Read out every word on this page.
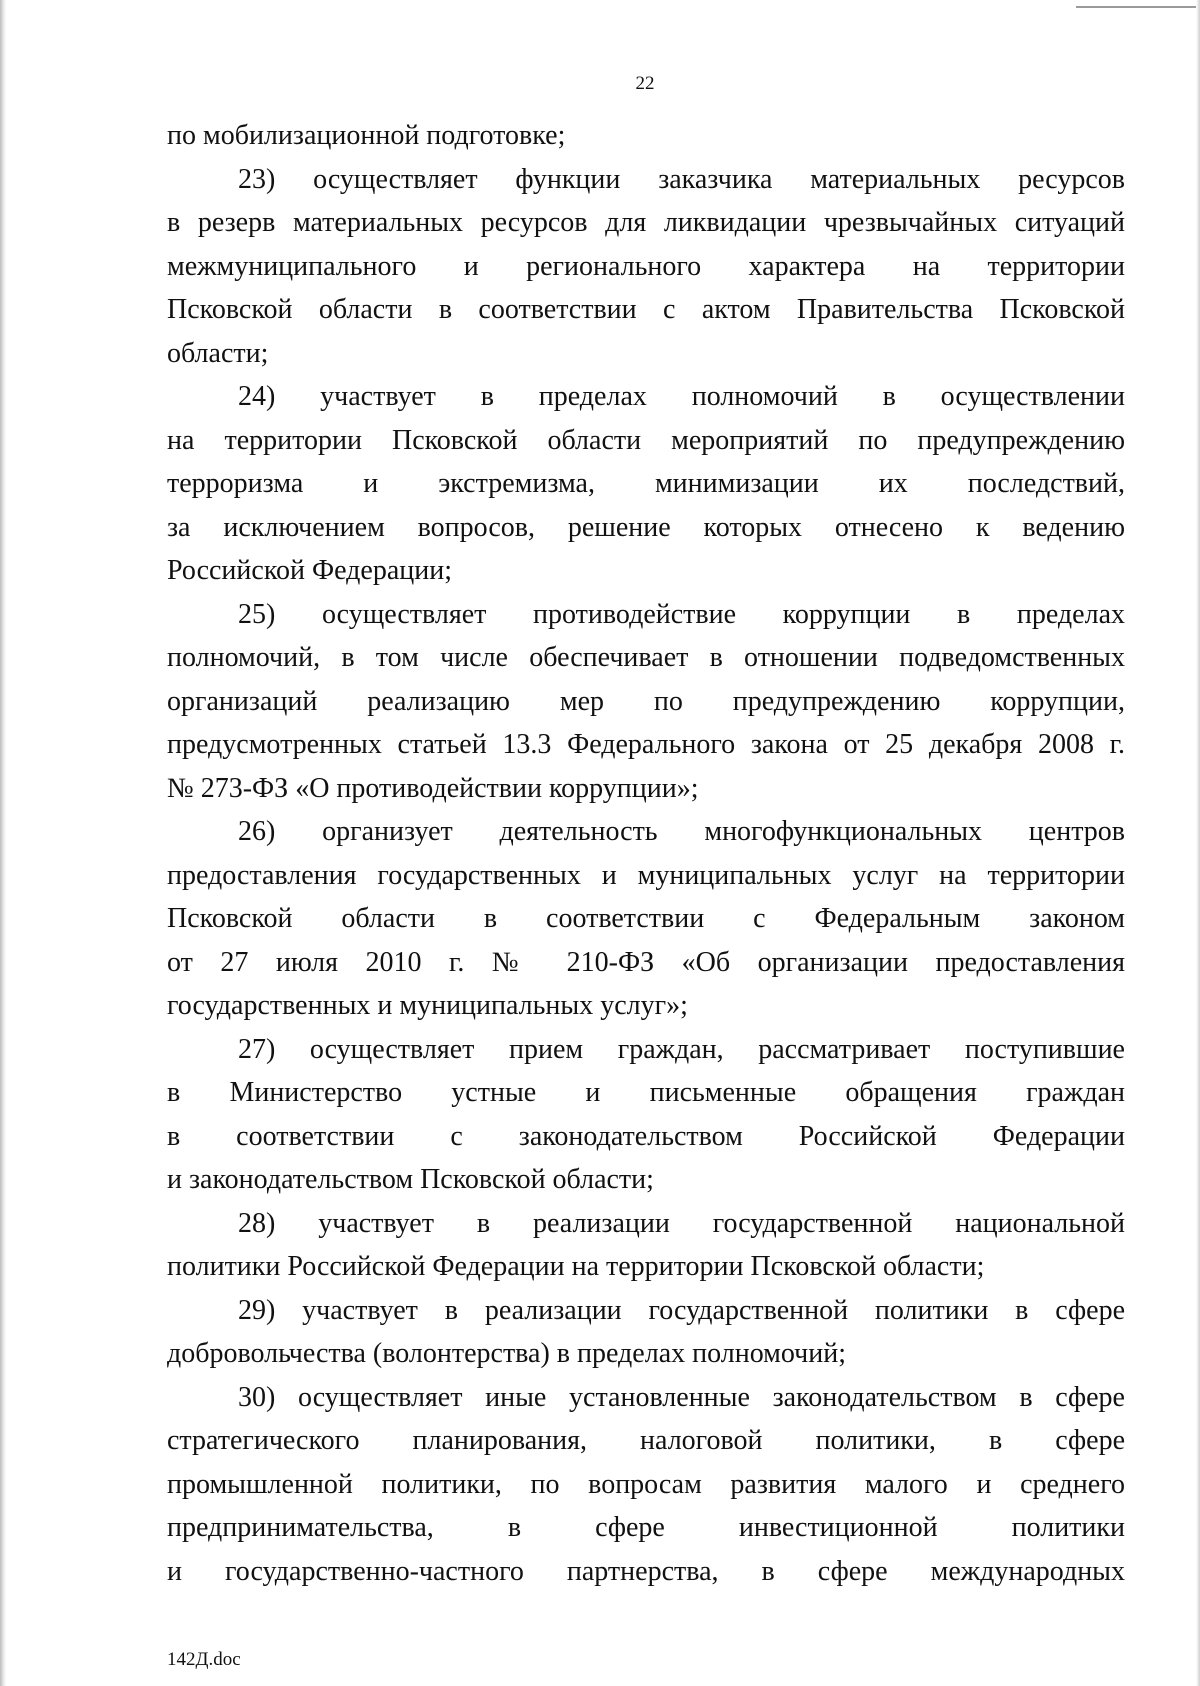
22
по мобилизационной подготовке;
23) осуществляет функции заказчика материальных ресурсов
в резерв материальных ресурсов для ликвидации чрезвычайных ситуаций
межмуниципального и регионального характера на территории
Псковской области в соответствии с актом Правительства Псковской
области;
24) участвует в пределах полномочий в осуществлении
на территории Псковской области мероприятий по предупреждению
терроризма и экстремизма, минимизации их последствий,
за исключением вопросов, решение которых отнесено к ведению
Российской Федерации;
25) осуществляет противодействие коррупции в пределах
полномочий, в том числе обеспечивает в отношении подведомственных
организаций реализацию мер по предупреждению коррупции,
предусмотренных статьей 13.3 Федерального закона от 25 декабря 2008 г.
№ 273-ФЗ «О противодействии коррупции»;
26) организует деятельность многофункциональных центров
предоставления государственных и муниципальных услуг на территории
Псковской области в соответствии с Федеральным законом
от 27 июля 2010 г. № 210-ФЗ «Об организации предоставления
государственных и муниципальных услуг»;
27) осуществляет прием граждан, рассматривает поступившие
в Министерство устные и письменные обращения граждан
в соответствии с законодательством Российской Федерации
и законодательством Псковской области;
28) участвует в реализации государственной национальной
политики Российской Федерации на территории Псковской области;
29) участвует в реализации государственной политики в сфере
добровольчества (волонтерства) в пределах полномочий;
30) осуществляет иные установленные законодательством в сфере
стратегического планирования, налоговой политики, в сфере
промышленной политики, по вопросам развития малого и среднего
предпринимательства, в сфере инвестиционной политики
и государственно-частного партнерства, в сфере международных
142Д.doc
